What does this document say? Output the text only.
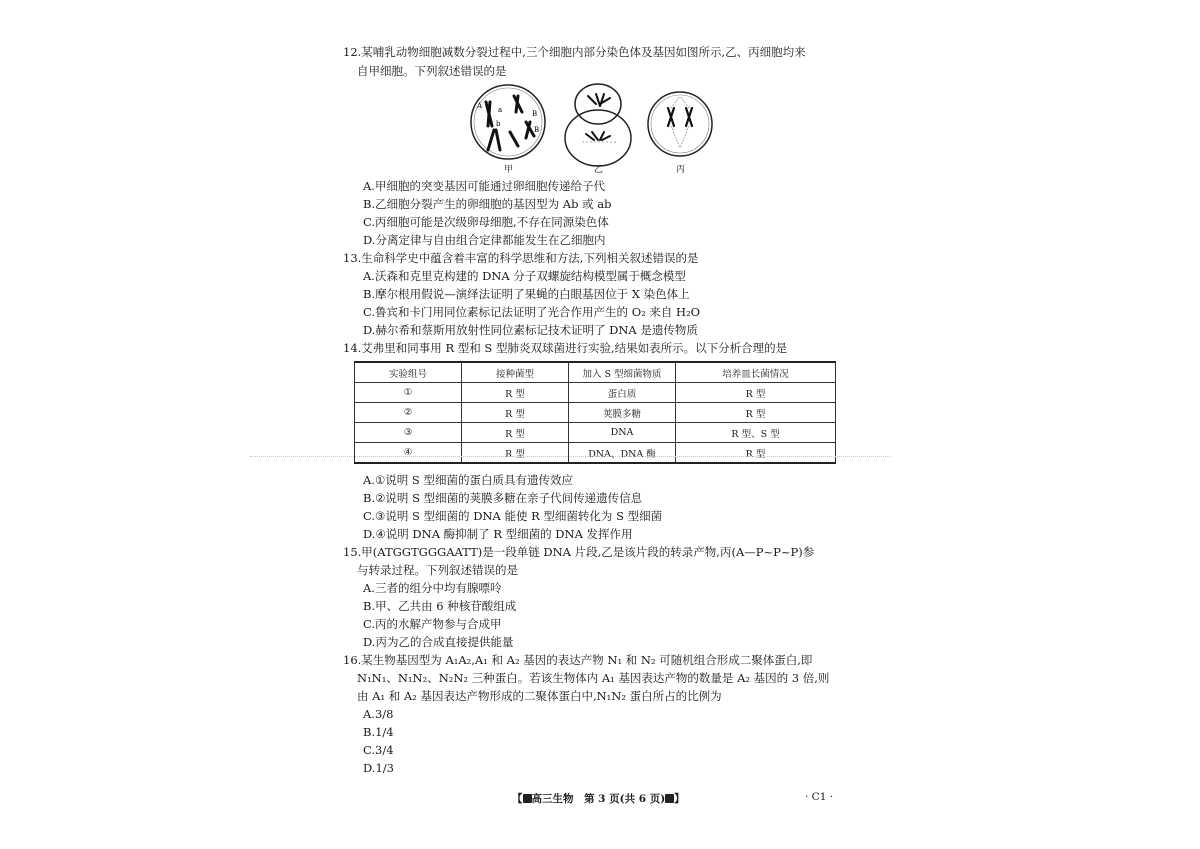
12.某哺乳动物细胞减数分裂过程中,三个细胞内部分染色体及基因如图所示,乙、丙细胞均来
自甲细胞。下列叙述错误的是
A a
b
B
B
甲	乙	丙
A.甲细胞的突变基因可能通过卵细胞传递给子代
B.乙细胞分裂产生的卵细胞的基因型为 Ab 或 ab
C.丙细胞可能是次级卵母细胞,不存在同源染色体
D.分离定律与自由组合定律都能发生在乙细胞内
13.生命科学史中蕴含着丰富的科学思维和方法,下列相关叙述错误的是
A.沃森和克里克构建的 DNA 分子双螺旋结构模型属于概念模型
B.摩尔根用假说—演绎法证明了果蝇的白眼基因位于 X 染色体上
C.鲁宾和卡门用同位素标记法证明了光合作用产生的 O₂ 来自 H₂O
D.赫尔希和蔡斯用放射性同位素标记技术证明了 DNA 是遗传物质
14.艾弗里和同事用 R 型和 S 型肺炎双球菌进行实验,结果如表所示。以下分析合理的是
实验组号	接种菌型	加入 S 型细菌物质	培养皿长菌情况
①	R 型	蛋白质	R 型
②	R 型	荚膜多糖	R 型
③	R 型	DNA	R 型、S 型
④	R 型	DNA、DNA 酶	R 型
A.①说明 S 型细菌的蛋白质具有遗传效应
B.②说明 S 型细菌的荚膜多糖在亲子代间传递遗传信息
C.③说明 S 型细菌的 DNA 能使 R 型细菌转化为 S 型细菌
D.④说明 DNA 酶抑制了 R 型细菌的 DNA 发挥作用
15.甲(ATGGTGGGAATT)是一段单链 DNA 片段,乙是该片段的转录产物,丙(A—P~P~P)参
与转录过程。下列叙述错误的是
A.三者的组分中均有腺嘌呤
B.甲、乙共由 6 种核苷酸组成
C.丙的水解产物参与合成甲
D.丙为乙的合成直接提供能量
16.某生物基因型为 A₁A₂,A₁ 和 A₂ 基因的表达产物 N₁ 和 N₂ 可随机组合形成二聚体蛋白,即
N₁N₁、N₁N₂、N₂N₂ 三种蛋白。若该生物体内 A₁ 基因表达产物的数量是 A₂ 基因的 3 倍,则
由 A₁ 和 A₂ 基因表达产物形成的二聚体蛋白中,N₁N₂ 蛋白所占的比例为
A.3/8
B.1/4
C.3/4
D.1/3
【 高三生物　第 3 页(共 6 页) 】	· C1 ·
